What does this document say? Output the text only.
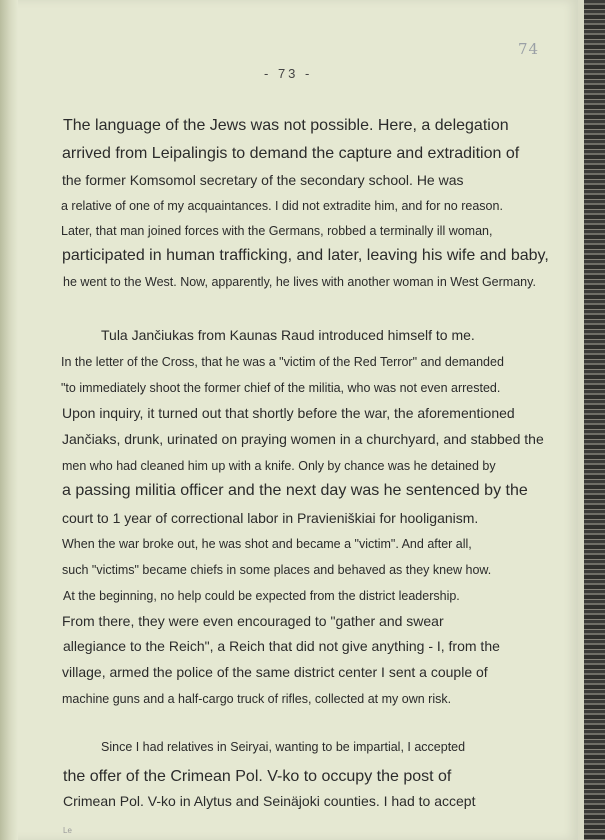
74
- 73 -
The language of the Jews was not possible. Here, a delegation
arrived from Leipalingis to demand the capture and extradition of
the former Komsomol secretary of the secondary school. He was
a relative of one of my acquaintances. I did not extradite him, and for no reason.
Later, that man joined forces with the Germans, robbed a terminally ill woman,
participated in human trafficking, and later, leaving his wife and baby,
he went to the West. Now, apparently, he lives with another woman in West Germany.
Tula Jančiukas from Kaunas Raud introduced himself to me.
In the letter of the Cross, that he was a "victim of the Red Terror" and demanded
"to immediately shoot the former chief of the militia, who was not even arrested.
Upon inquiry, it turned out that shortly before the war, the aforementioned
Jančiaks, drunk, urinated on praying women in a churchyard, and stabbed the
men who had cleaned him up with a knife. Only by chance was he detained by
a passing militia officer and the next day was he sentenced by the
court to 1 year of correctional labor in Pravieniškiai for hooliganism.
When the war broke out, he was shot and became a "victim". And after all,
such "victims" became chiefs in some places and behaved as they knew how.
At the beginning, no help could be expected from the district leadership.
From there, they were even encouraged to "gather and swear
allegiance to the Reich", a Reich that did not give anything - I, from the
village, armed the police of the same district center I sent a couple of
machine guns and a half-cargo truck of rifles, collected at my own risk.
Since I had relatives in Seiryai, wanting to be impartial, I accepted
the offer of the Crimean Pol. V-ko to occupy the post of
Crimean Pol. V-ko in Alytus and Seinäjoki counties. I had to accept
Le
